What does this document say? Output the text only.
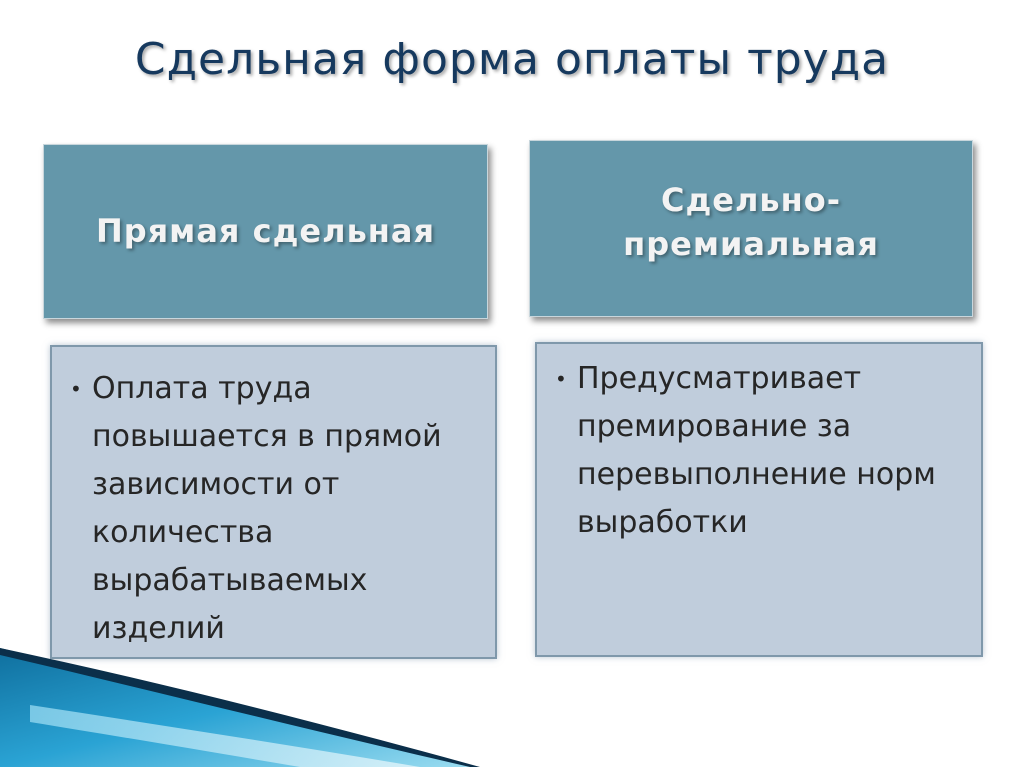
Сдельная форма оплаты труда
Прямая сдельная
Сдельно- премиальная
• Оплата труда повышается в прямой зависимости от количества вырабатываемых изделий
• Предусматривает премирование за перевыполнение норм выработки
